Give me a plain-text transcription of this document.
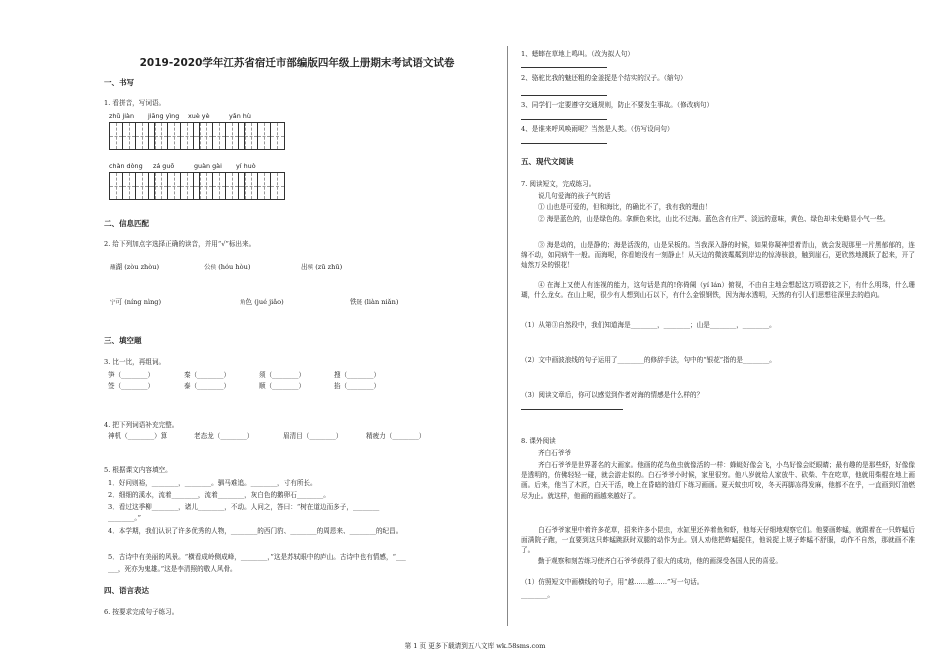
2019-2020学年江苏省宿迁市部编版四年级上册期末考试语文试卷
一、书写
1. 看拼音，写词语。
zhǔ jiàn jiāng yìng xuè yè	yǎn hù
chàn dòng zá guō	guàn gài yí huò
二、信息匹配
2. 给下列加点字选择正确的读音，并用“√”标出来。
蘸湖 (zòu zhòu)	公侯 (hóu hòu)	出殡 (zū zhū)
宁可 (níng nìng)	角色 (jué jiǎo)	铁链 (liàn niǎn)
三、填空题
3. 比一比，再组词。
笋（________）	秦（________）	须（________）	搜（________）
签（________）	泰（________）	顺（________）	掐（________）
4. 把下列词语补充完整。
神机（________）算	老态龙（________）	眉清目（________）	精疲力（________）
5. 根据课文内容填空。
1．好问则裕，________，________。驷马难追。________，寸有所长。
2．细细的溪水，流着________，流着________，灰白色的鹅卵石________。
3．看过这季柳________，诸儿________，不动。人问之，答曰：“树在道边而多子，________
________。”
4．本学期，我们认识了许多优秀的人物，________的西门豹、________的周恩来、________的纪昌。
5．古诗中有美丽的风景。“横看成岭侧成峰，________，”这是苏轼眼中的庐山。古诗中也有情感，“___
___，死亦为鬼雄。”这是李清照的敬人风骨。
四、语言表达
6. 按要求完成句子练习。
1、蟋蟀在草地上鸣叫。（改为拟人句）
2、骆驼比我的魅还粗的金釜捉是个结实的汉子。（缩句）
3、同学们一定要遵守交通规则，防止不要发生事故。（修改病句）
4、是谁来呼风唤雨呢？当然是人类。（仿写设问句）
五、现代文阅读
7. 阅读短文，完成练习。
说几句爱海的孩子气的话
① 山也是可爱的，但和海比，的确比不了，我有我的理由！
② 海是蓝色的，山是绿色的。拿颜色来比，山比不过海。蓝色含有庄严、淡远的意味，黄色、绿色却未免略显小气一些。
③ 海是动的，山是静的；海是活泼的，山是呆板的。当我深入静的时候，如果你凝神望着青山，就会发现那里一片黑郁郁的，连绵不动，如同病牛一般。而海呢，你看她没有一刻静止！从天边的微波粼粼到岸边的惊涛骇浪，触到崖石，更欣然地溅跃了起来，开了灿然万朵的银花！
④ 在海上又使人有连视的能力，这句话是真的!你倚阑（yí lán）俯视，不由自主地会想起这万顷碧波之下，有什么明珠，什么珊瑚，什么龙女。在山上呢，很少有人想到山石以下，有什么金银钢铁，因为海水透明，天然的有引人们思想往深里去的趋向。
（1）从第③自然段中，我们知道海是________，________；山是________，________。
（2）文中画波浪线的句子运用了________的修辞手法，句中的“银花”指的是________。
（3）阅读文章后，你可以感觉到作者对海的情感是什么样的？
8. 课外阅读
齐白石爷爷
齐白石爷爷是世界著名的大画家。他画的花鸟鱼虫就像活的一样：蜂蜓好像会飞，小鸟好像会眨眼睛；最有趣的是那些虾，好像像是透明的，仿佛轻轻一碰，就会游走似的。白石爷爷小时候，家里很穷。他八岁就给人家放牛、砍柴、牛在吃草，他就用柴棍在地上画画。后来，他当了木匠，白天干活，晚上在昏暗的油灯下练习画画。夏天蚊虫叮咬，冬天再脚冻得发麻，他都不在乎，一直画到灯油燃尽为止。就这样，他画的画越来越好了。
白石爷爷家里中着许多花草，招来许多小昆虫，水缸里还养着鱼和虾，他每天仔细地观察它们。他要画蚱蜢，就跟着在一只蚱蜢后面满院子跑，一直要到这只蚱蜢跳跃时双腿的动作为止。别人劝他把蚱蜢捉住，他说捉上规子蚱蜢不舒服，动作不自然，那就画不准了。
勤于观察和刻苦练习使齐白石爷爷获得了很大的成功，他的画深受各国人民的喜爱。
（1）仿照短文中画横线的句子，用“越……越……”写一句话。
________。
第 1 页 更多下载请到五八文库 wk.58sms.com
